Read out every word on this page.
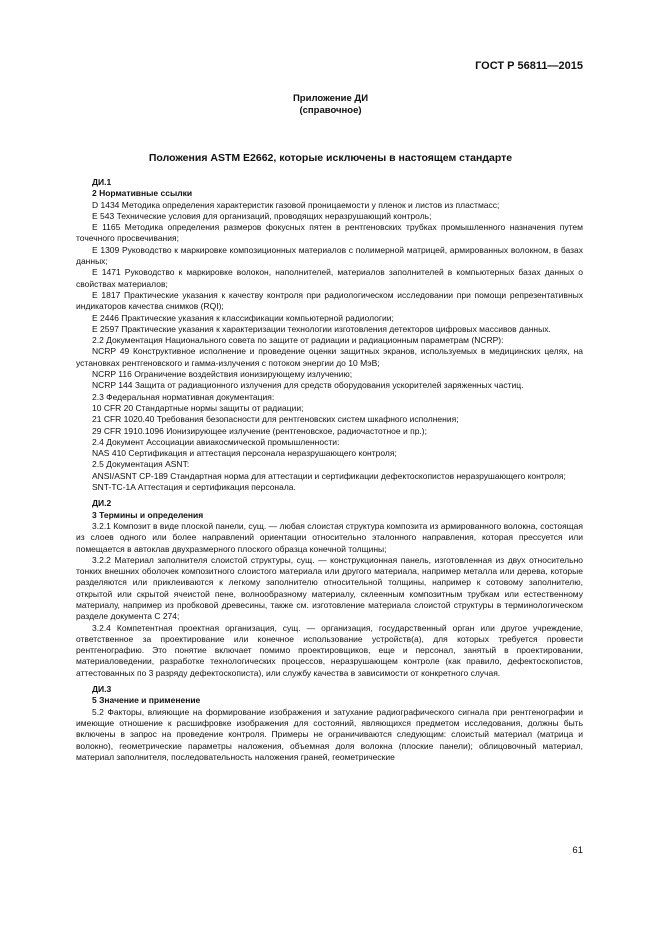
ГОСТ Р 56811—2015
Приложение ДИ
(справочное)
Положения ASTM E2662, которые исключены в настоящем стандарте

ДИ.1

2 Нормативные ссылки

D 1434 Методика определения характеристик газовой проницаемости у пленок и листов из пластмасс;

E 543 Технические условия для организаций, проводящих неразрушающий контроль;

E 1165 Методика определения размеров фокусных пятен в рентгеновских трубках промышленного назначения путем точечного просвечивания;

E 1309 Руководство к маркировке композиционных материалов с полимерной матрицей, армированных волокном, в базах данных;

E 1471 Руководство к маркировке волокон, наполнителей, материалов заполнителей в компьютерных базах данных о свойствах материалов;

E 1817 Практические указания к качеству контроля при радиологическом исследовании при помощи репрезентативных индикаторов качества снимков (RQI);

E 2446 Практические указания к классификации компьютерной радиологии;

E 2597 Практические указания к характеризации технологии изготовления детекторов цифровых массивов данных.

2.2 Документация Национального совета по защите от радиации и радиационным параметрам (NCRP):

NCRP 49 Конструктивное исполнение и проведение оценки защитных экранов, используемых в медицинских целях, на установках рентгеновского и гамма-излучения с потоком энергии до 10 МэВ;

NCRP 116 Ограничение воздействия ионизирующему излучению;

NCRP 144 Защита от радиационного излучения для средств оборудования ускорителей заряженных частиц.

2.3 Федеральная нормативная документация:

10 CFR 20 Стандартные нормы защиты от радиации;

21 CFR 1020.40 Требования безопасности для рентгеновских систем шкафного исполнения;

29 CFR 1910.1096 Ионизирующее излучение (рентгеновское, радиочастотное и пр.);

2.4 Документ Ассоциации авиакосмической промышленности:

NAS 410 Сертификация и аттестация персонала неразрушающего контроля;

2.5 Документация ASNT:

ANSI/ASNT CP-189 Стандартная норма для аттестации и сертификации дефектоскопистов неразрушающего контроля;

SNT-TC-1A Аттестация и сертификация персонала.

ДИ.2

3 Термины и определения

3.2.1 Композит в виде плоской панели, сущ. — любая слоистая структура композита из армированного волокна, состоящая из слоев одного или более направлений ориентации относительно эталонного направления, которая прессуется или помещается в автоклав двухразмерного плоского образца конечной толщины;

3.2.2 Материал заполнителя слоистой структуры, сущ. — конструкционная панель, изготовленная из двух относительно тонких внешних оболочек композитного слоистого материала или другого материала, например металла или дерева, которые разделяются или приклеиваются к легкому заполнителю относительной толщины, например к сотовому заполнителю, открытой или скрытой ячеистой пене, волнообразному материалу, склеенным композитным трубкам или естественному материалу, например из пробковой древесины, также см. изготовление материала слоистой структуры в терминологическом разделе документа C 274;

3.2.4 Компетентная проектная организация, сущ. — организация, государственный орган или другое учреждение, ответственное за проектирование или конечное использование устройств(а), для которых требуется провести рентгенографию. Это понятие включает помимо проектировщиков, еще и персонал, занятый в проектировании, материаловедении, разработке технологических процессов, неразрушающем контроле (как правило, дефектоскопистов, аттестованных по 3 разряду дефектоскописта), или службу качества в зависимости от конкретного случая.

ДИ.3

5 Значение и применение

5.2 Факторы, влияющие на формирование изображения и затухание радиографического сигнала при рентгенографии и имеющие отношение к расшифровке изображения для состояний, являющихся предметом исследования, должны быть включены в запрос на проведение контроля. Примеры не ограничиваются следующим: слоистый материал (матрица и волокно), геометрические параметры наложения, объемная доля волокна (плоские панели); облицовочный материал, материал заполнителя, последовательность наложения граней, геометрические

61
